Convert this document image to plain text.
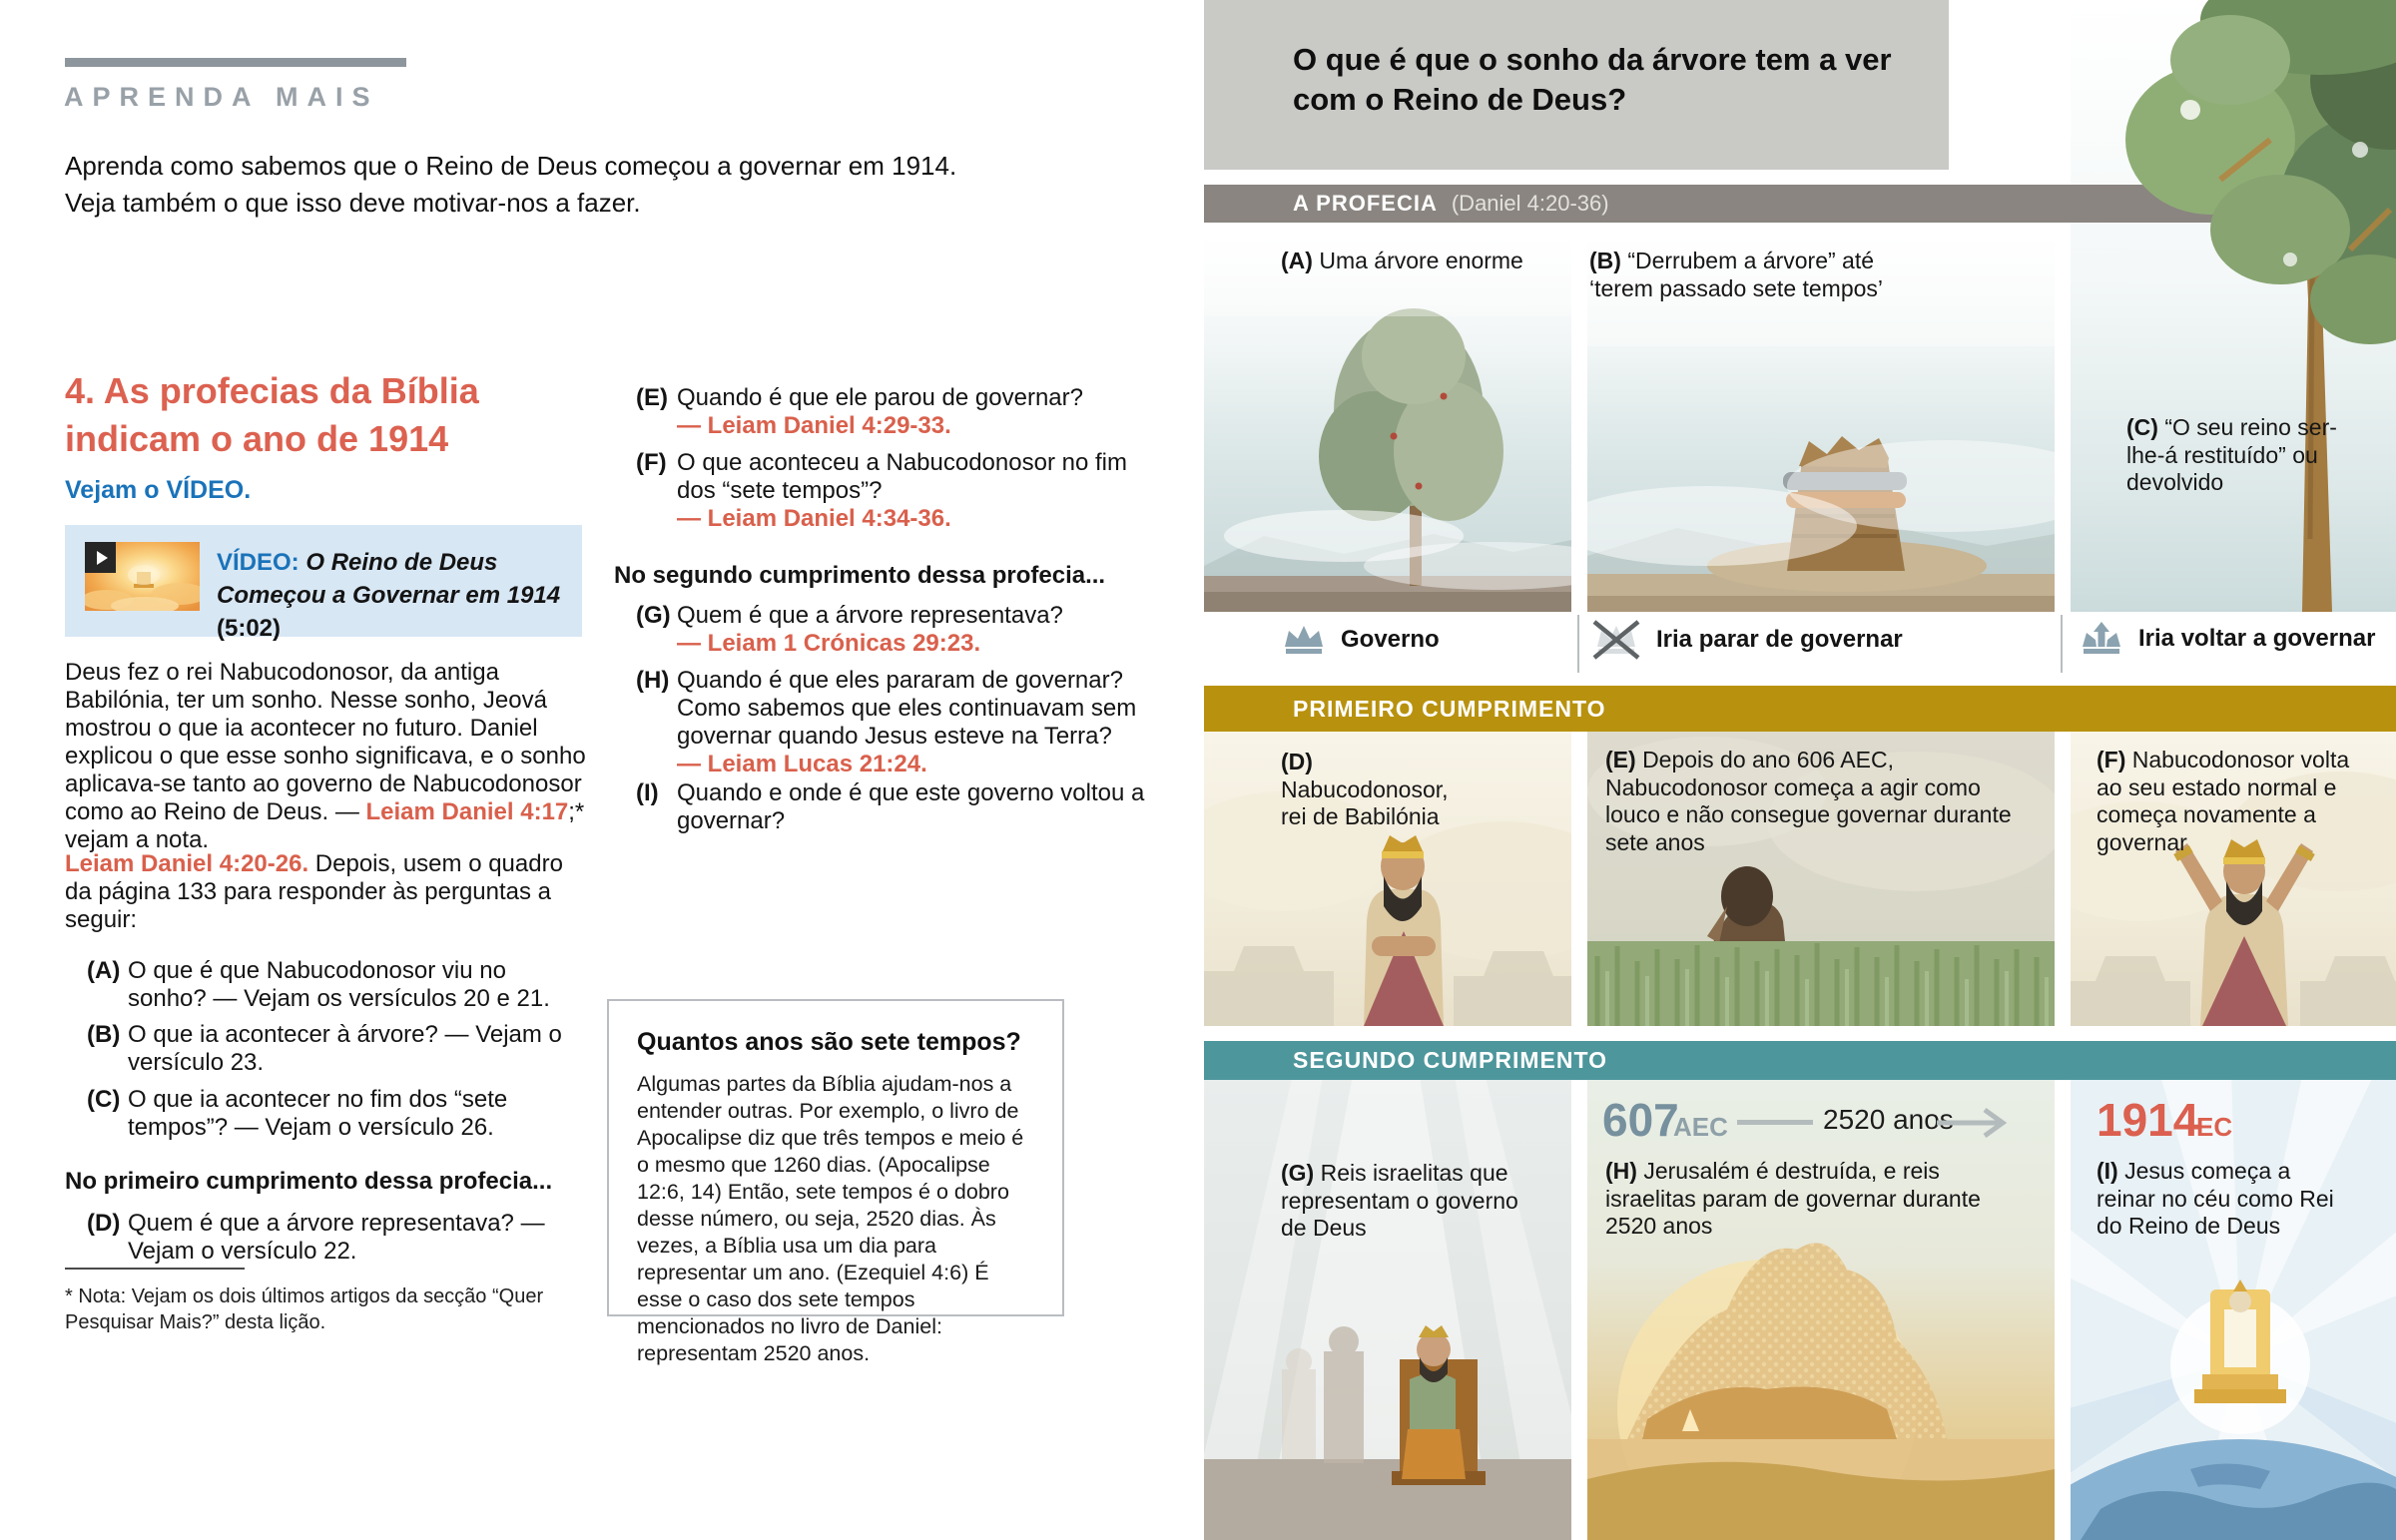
APRENDA MAIS
Aprenda como sabemos que o Reino de Deus começou a governar em 1914. Veja também o que isso deve motivar-nos a fazer.
4. As profecias da Bíblia indicam o ano de 1914
Vejam o VÍDEO.
VÍDEO: O Reino de Deus Começou a Governar em 1914 (5:02)

Deus fez o rei Nabucodonosor, da antiga Babilónia, ter um sonho. Nesse sonho, Jeová mostrou o que ia acontecer no futuro. Daniel explicou o que esse sonho significava, e o sonho aplicava-se tanto ao governo de Nabucodonosor como ao Reino de Deus. — Leiam Daniel 4:17;* vejam a nota.

Leiam Daniel 4:20-26. Depois, usem o quadro da página 133 para responder às perguntas a seguir:

(A) O que é que Nabucodonosor viu no sonho? — Vejam os versículos 20 e 21.
(B) O que ia acontecer à árvore? — Vejam o versículo 23.
(C) O que ia acontecer no fim dos “sete tempos”? — Vejam o versículo 26.
No primeiro cumprimento dessa profecia...
(D) Quem é que a árvore representava? — Vejam o versículo 22.
* Nota: Vejam os dois últimos artigos da secção “Quer Pesquisar Mais?” desta lição.
(E) Quando é que ele parou de governar?
— Leiam Daniel 4:29-33.
(F) O que aconteceu a Nabucodonosor no fim dos “sete tempos”?
— Leiam Daniel 4:34-36.
No segundo cumprimento dessa profecia...
(G) Quem é que a árvore representava?
— Leiam 1 Crónicas 29:23.
(H) Quando é que eles pararam de governar? Como sabemos que eles continuavam sem governar quando Jesus esteve na Terra?
— Leiam Lucas 21:24.
(I) Quando e onde é que este governo voltou a governar?
Quantos anos são sete tempos?

Algumas partes da Bíblia ajudam-nos a entender outras. Por exemplo, o livro de Apocalipse diz que três tempos e meio é o mesmo que 1260 dias. (Apocalipse 12:6, 14) Então, sete tempos é o dobro desse número, ou seja, 2520 dias. Às vezes, a Bíblia usa um dia para representar um ano. (Ezequiel 4:6) É esse o caso dos sete tempos mencionados no livro de Daniel: representam 2520 anos.

O que é que o sonho da árvore tem a ver com o Reino de Deus?
A PROFECIA (Daniel 4:20-36)
(A) Uma árvore enorme	(B) “Derrubem a árvore” até ‘terem passado sete tempos’
(C) “O seu reino ser-lhe-á restituído” ou devolvido
Governo	Iria parar de governar	Iria voltar a governar
PRIMEIRO CUMPRIMENTO
(D) Nabucodonosor, rei de Babilónia
(E) Depois do ano 606 AEC, Nabucodonosor começa a agir como louco e não consegue governar durante sete anos
(F) Nabucodonosor volta ao seu estado normal e começa novamente a governar
SEGUNDO CUMPRIMENTO
607
AEC	2520 anos	1914
EC
(G) Reis israelitas que representam o governo de Deus
(H) Jerusalém é destruída, e reis israelitas param de governar durante 2520 anos
(I) Jesus começa a reinar no céu como Rei do Reino de Deus
